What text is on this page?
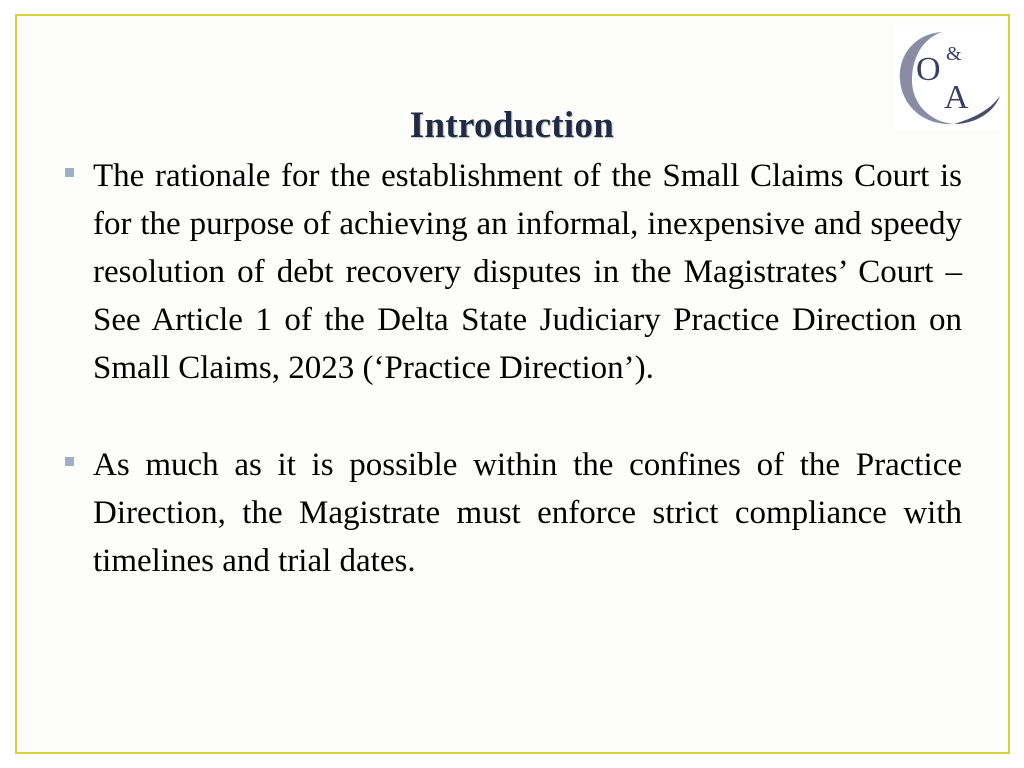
O &
A
Introduction
The rationale for the establishment of the Small Claims Court is for the purpose of achieving an informal, inexpensive and speedy resolution of debt recovery disputes in the Magistrates’ Court – See Article 1 of the Delta State Judiciary Practice Direction on Small Claims, 2023 (‘Practice Direction’).
As much as it is possible within the confines of the Practice Direction, the Magistrate must enforce strict compliance with timelines and trial dates.
